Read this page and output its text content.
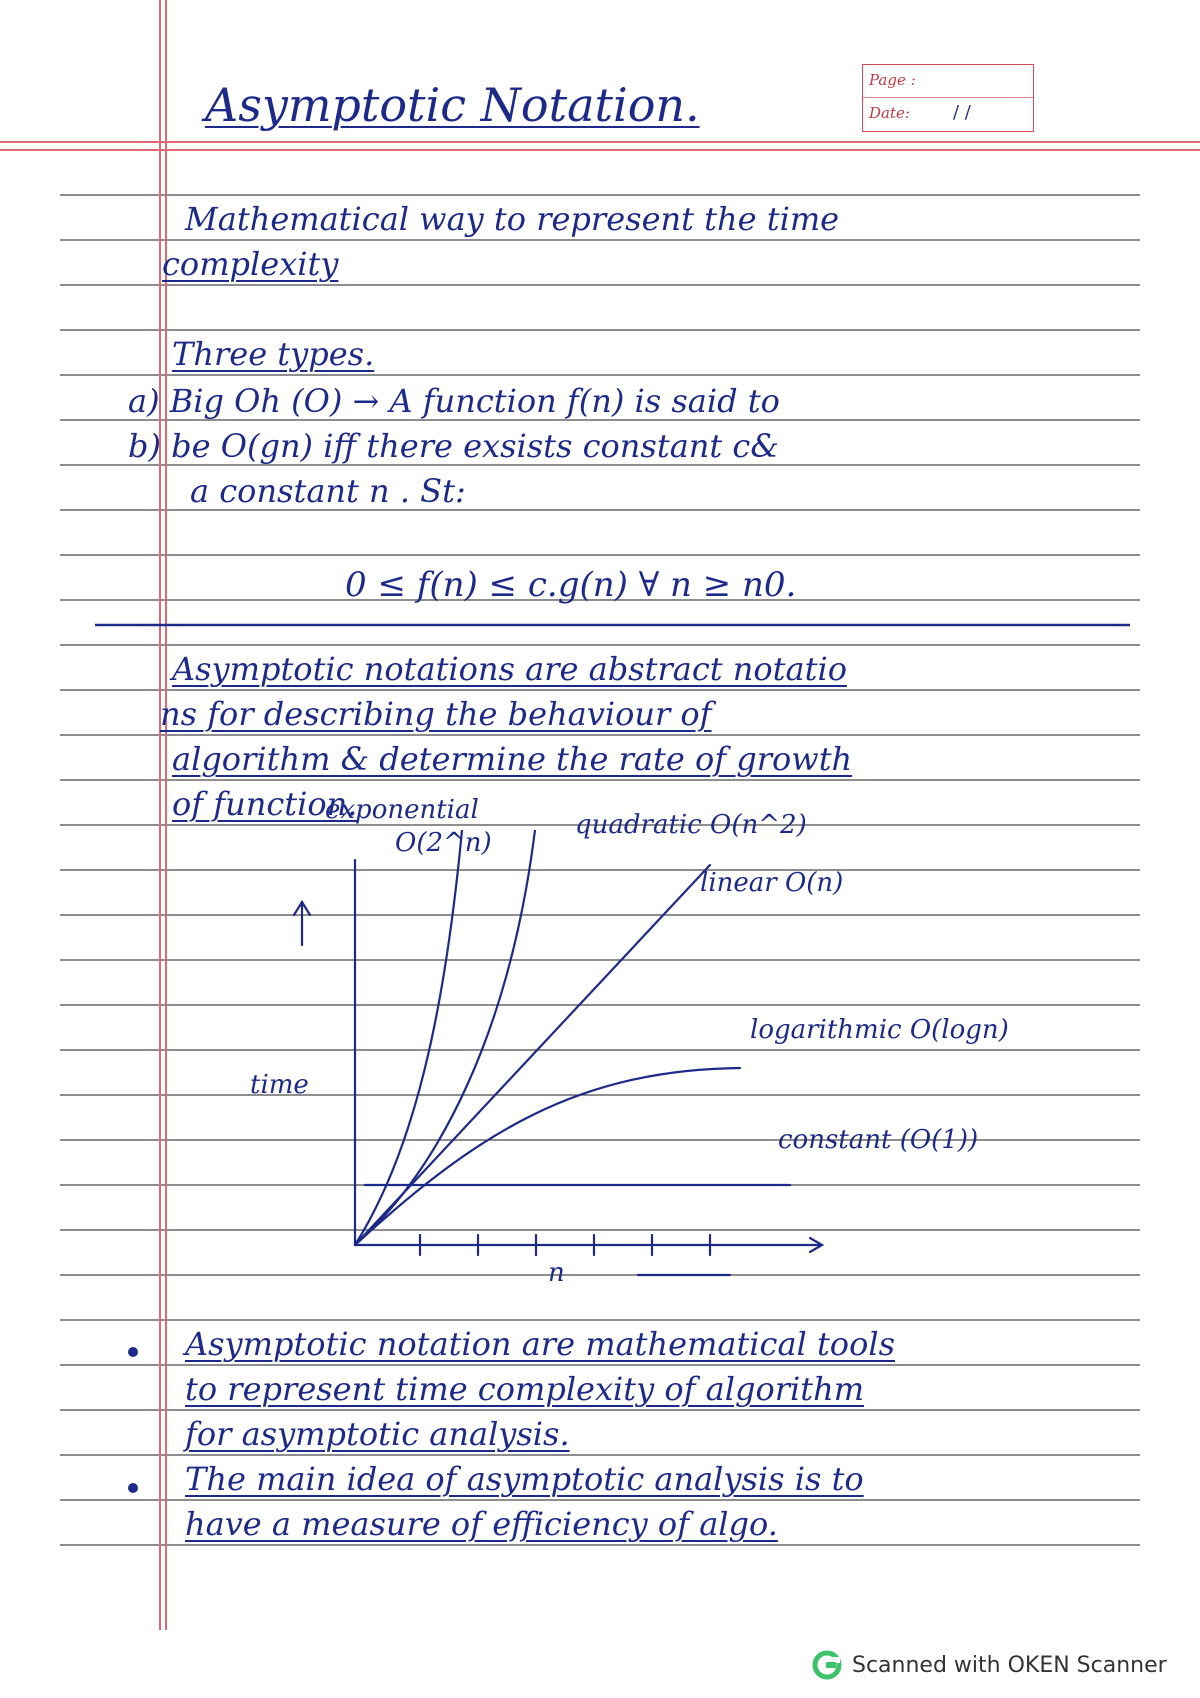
Page :
Date: / /
Asymptotic Notation.
Mathematical way to represent the time
complexity
Three types.
a) Big Oh (O) → A function f(n) is said to
b) be O(gn) iff there exsists constant c&
a constant n . St:
0 ≤ f(n) ≤ c.g(n) ∀ n ≥ n0.
Asymptotic notations are abstract notatio
ns for describing the behaviour of
algorithm & determine the rate of growth
of function.
exponential
O(2^n)
quadratic O(n^2)
linear O(n)
logarithmic O(logn)
constant (O(1))
time
n
Asymptotic notation are mathematical tools
to represent time complexity of algorithm
for asymptotic analysis.
The main idea of asymptotic analysis is to
have a measure of efficiency of algo.
Scanned with OKEN Scanner
